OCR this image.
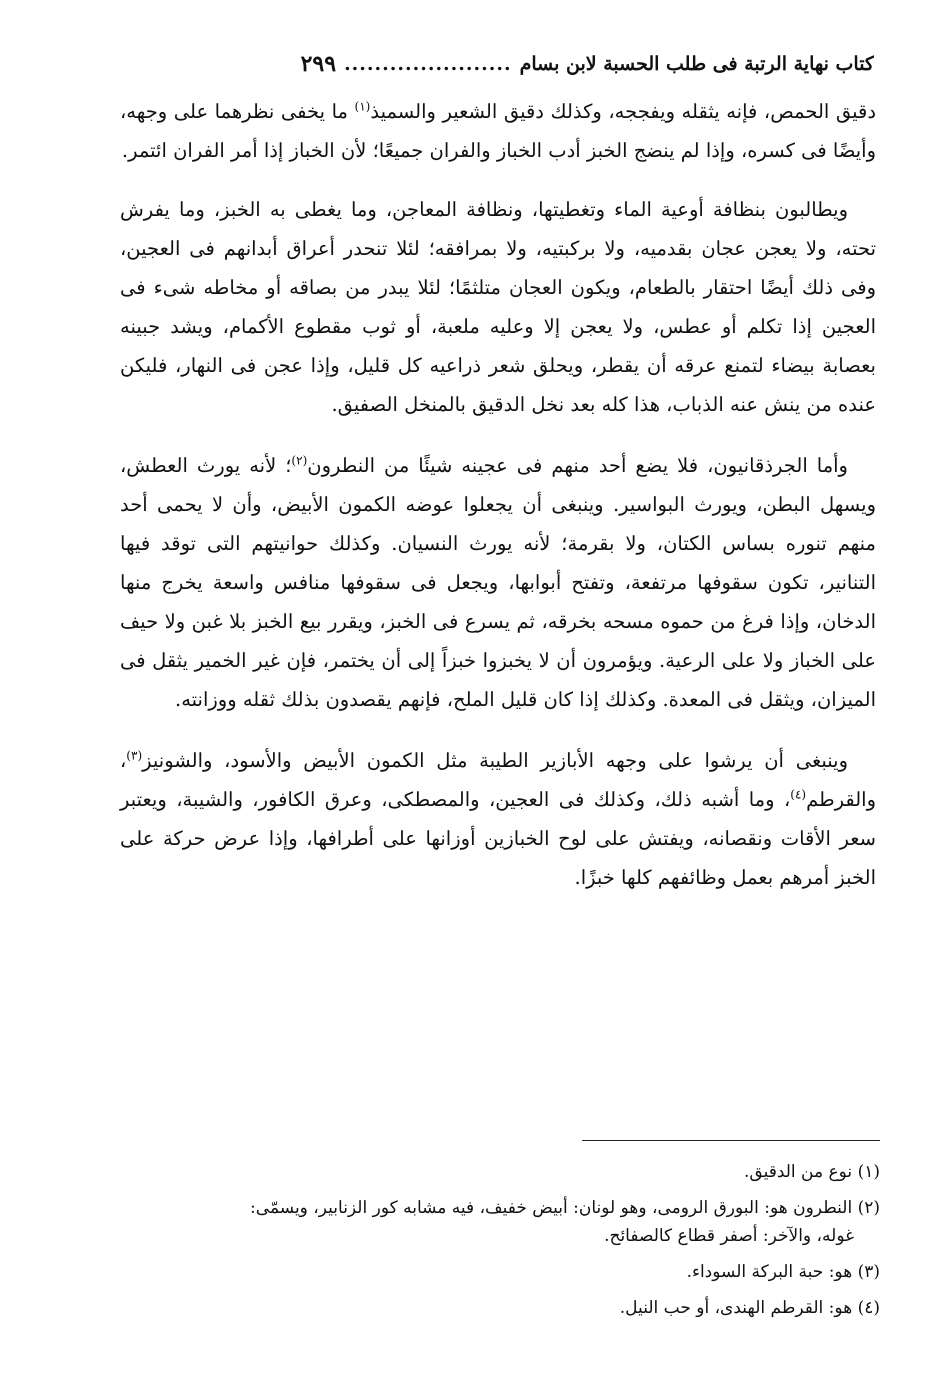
كتاب نهاية الرتبة فى طلب الحسبة لابن بسام
......................
٢٩٩

دقيق الحمص، فإنه يثقله ويفججه، وكذلك دقيق الشعير والسميذ$^{(١)}$ ما يخفى نظرهما على وجهه، وأيضًا فى كسره، وإذا لم ينضج الخبز أدب الخباز والفران جميعًا؛ لأن الخباز إذا أمر الفران ائتمر.

ويطالبون بنظافة أوعية الماء وتغطيتها، ونظافة المعاجن، وما يغطى به الخبز، وما يفرش تحته، ولا يعجن عجان بقدميه، ولا بركبتيه، ولا بمرافقه؛ لئلا تنحدر أعراق أبدانهم فى العجين، وفى ذلك أيضًا احتقار بالطعام، ويكون العجان متلثمًا؛ لئلا يبدر من بصاقه أو مخاطه شىء فى العجين إذا تكلم أو عطس، ولا يعجن إلا وعليه ملعبة، أو ثوب مقطوع الأكمام، ويشد جبينه بعصابة بيضاء لتمنع عرقه أن يقطر، ويحلق شعر ذراعيه كل قليل، وإذا عجن فى النهار، فليكن عنده من ينش عنه الذباب، هذا كله بعد نخل الدقيق بالمنخل الصفيق.

وأما الجرذقانيون، فلا يضع أحد منهم فى عجينه شيئًا من النطرون$^{(٢)}$؛ لأنه يورث العطش، ويسهل البطن، ويورث البواسير. وينبغى أن يجعلوا عوضه الكمون الأبيض، وأن لا يحمى أحد منهم تنوره بساس الكتان، ولا بقرمة؛ لأنه يورث النسيان. وكذلك حوانيتهم التى توقد فيها التنانير، تكون سقوفها مرتفعة، وتفتح أبوابها، ويجعل فى سقوفها منافس واسعة يخرج منها الدخان، وإذا فرغ من حموه مسحه بخرقه، ثم يسرع فى الخبز، ويقرر بيع الخبز بلا غبن ولا حيف على الخباز ولا على الرعية. ويؤمرون أن لا يخبزوا خبزاً إلى أن يختمر، فإن غير الخمير يثقل فى الميزان، ويثقل فى المعدة. وكذلك إذا كان قليل الملح، فإنهم يقصدون بذلك ثقله ووزانته.

وينبغى أن يرشوا على وجهه الأبازير الطيبة مثل الكمون الأبيض والأسود، والشونيز$^{(٣)}$، والقرطم$^{(٤)}$، وما أشبه ذلك، وكذلك فى العجين، والمصطكى، وعرق الكافور، والشيبة، ويعتبر سعر الأقات ونقصانه، ويفتش على لوح الخبازين أوزانها على أطرافها، وإذا عرض حركة على الخبز أمرهم بعمل وظائفهم كلها خبزًا.

(١) نوع من الدقيق.
(٢) النطرون هو: البورق الرومى، وهو لونان: أبيض خفيف، فيه مشابه كور الزنابير، ويسمّى:
غوله، والآخر: أصفر قطاع كالصفائح.
(٣) هو: حبة البركة السوداء.
(٤) هو: القرطم الهندى، أو حب النيل.
